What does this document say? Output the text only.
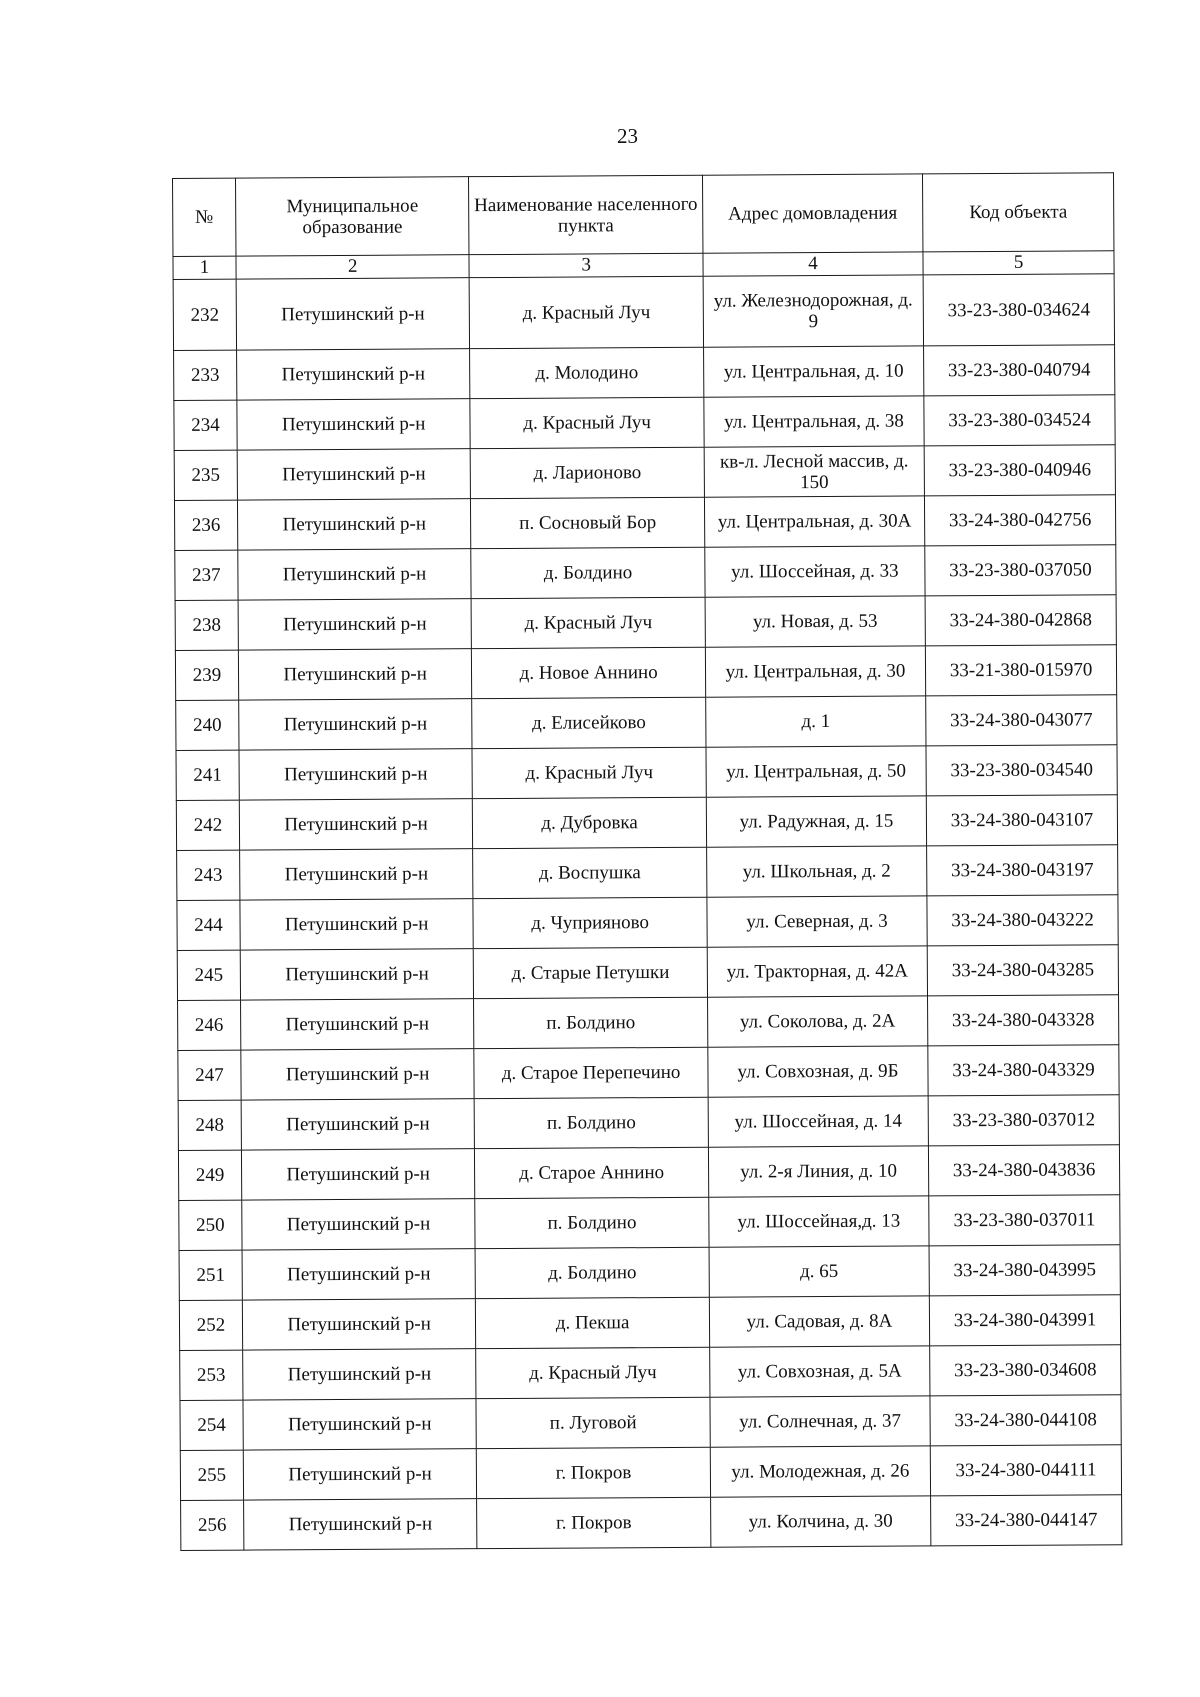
23
№	Муниципальное образование	Наименование населенного пункта	Адрес домовладения	Код объекта
1	2	3	4	5
232	Петушинский р-н	д. Красный Луч	ул. Железнодорожная, д. 9	33-23-380-034624
233	Петушинский р-н	д. Молодино	ул. Центральная, д. 10	33-23-380-040794
234	Петушинский р-н	д. Красный Луч	ул. Центральная, д. 38	33-23-380-034524
235	Петушинский р-н	д. Ларионово	кв-л. Лесной массив, д. 150	33-23-380-040946
236	Петушинский р-н	п. Сосновый Бор	ул. Центральная, д. 30А	33-24-380-042756
237	Петушинский р-н	д. Болдино	ул. Шоссейная, д. 33	33-23-380-037050
238	Петушинский р-н	д. Красный Луч	ул. Новая, д. 53	33-24-380-042868
239	Петушинский р-н	д. Новое Аннино	ул. Центральная, д. 30	33-21-380-015970
240	Петушинский р-н	д. Елисейково	д. 1	33-24-380-043077
241	Петушинский р-н	д. Красный Луч	ул. Центральная, д. 50	33-23-380-034540
242	Петушинский р-н	д. Дубровка	ул. Радужная, д. 15	33-24-380-043107
243	Петушинский р-н	д. Воспушка	ул. Школьная, д. 2	33-24-380-043197
244	Петушинский р-н	д. Чуприяново	ул. Северная, д. 3	33-24-380-043222
245	Петушинский р-н	д. Старые Петушки	ул. Тракторная, д. 42А	33-24-380-043285
246	Петушинский р-н	п. Болдино	ул. Соколова, д. 2А	33-24-380-043328
247	Петушинский р-н	д. Старое Перепечино	ул. Совхозная, д. 9Б	33-24-380-043329
248	Петушинский р-н	п. Болдино	ул. Шоссейная, д. 14	33-23-380-037012
249	Петушинский р-н	д. Старое Аннино	ул. 2-я Линия, д. 10	33-24-380-043836
250	Петушинский р-н	п. Болдино	ул. Шоссейная,д. 13	33-23-380-037011
251	Петушинский р-н	д. Болдино	д. 65	33-24-380-043995
252	Петушинский р-н	д. Пекша	ул. Садовая, д. 8А	33-24-380-043991
253	Петушинский р-н	д. Красный Луч	ул. Совхозная, д. 5А	33-23-380-034608
254	Петушинский р-н	п. Луговой	ул. Солнечная, д. 37	33-24-380-044108
255	Петушинский р-н	г. Покров	ул. Молодежная, д. 26	33-24-380-044111
256	Петушинский р-н	г. Покров	ул. Колчина, д. 30	33-24-380-044147
